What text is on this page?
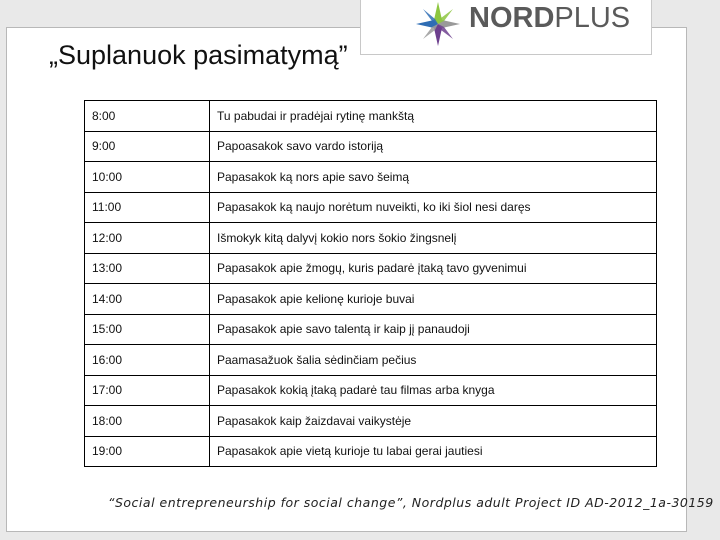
NORDPLUS
„Suplanuok pasimatymą”
8:00	Tu pabudai ir pradėjai rytinę mankštą
9:00	Papoasakok savo vardo istoriją
10:00	Papasakok ką nors apie savo šeimą
11:00	Papasakok ką naujo norėtum nuveikti, ko iki šiol nesi daręs
12:00	Išmokyk kitą dalyvį kokio nors šokio žingsnelį
13:00	Papasakok apie žmogų, kuris padarė įtaką tavo gyvenimui
14:00	Papasakok apie kelionę kurioje buvai
15:00	Papasakok apie savo talentą ir kaip jį panaudoji
16:00	Paamasažuok šalia sėdinčiam pečius
17:00	Papasakok kokią įtaką padarė tau filmas arba knyga
18:00	Papasakok kaip žaizdavai vaikystėje
19:00	Papasakok apie vietą kurioje tu labai gerai jautiesi
“Social entrepreneurship for social change”, Nordplus adult Project ID AD-2012_1a-30159
